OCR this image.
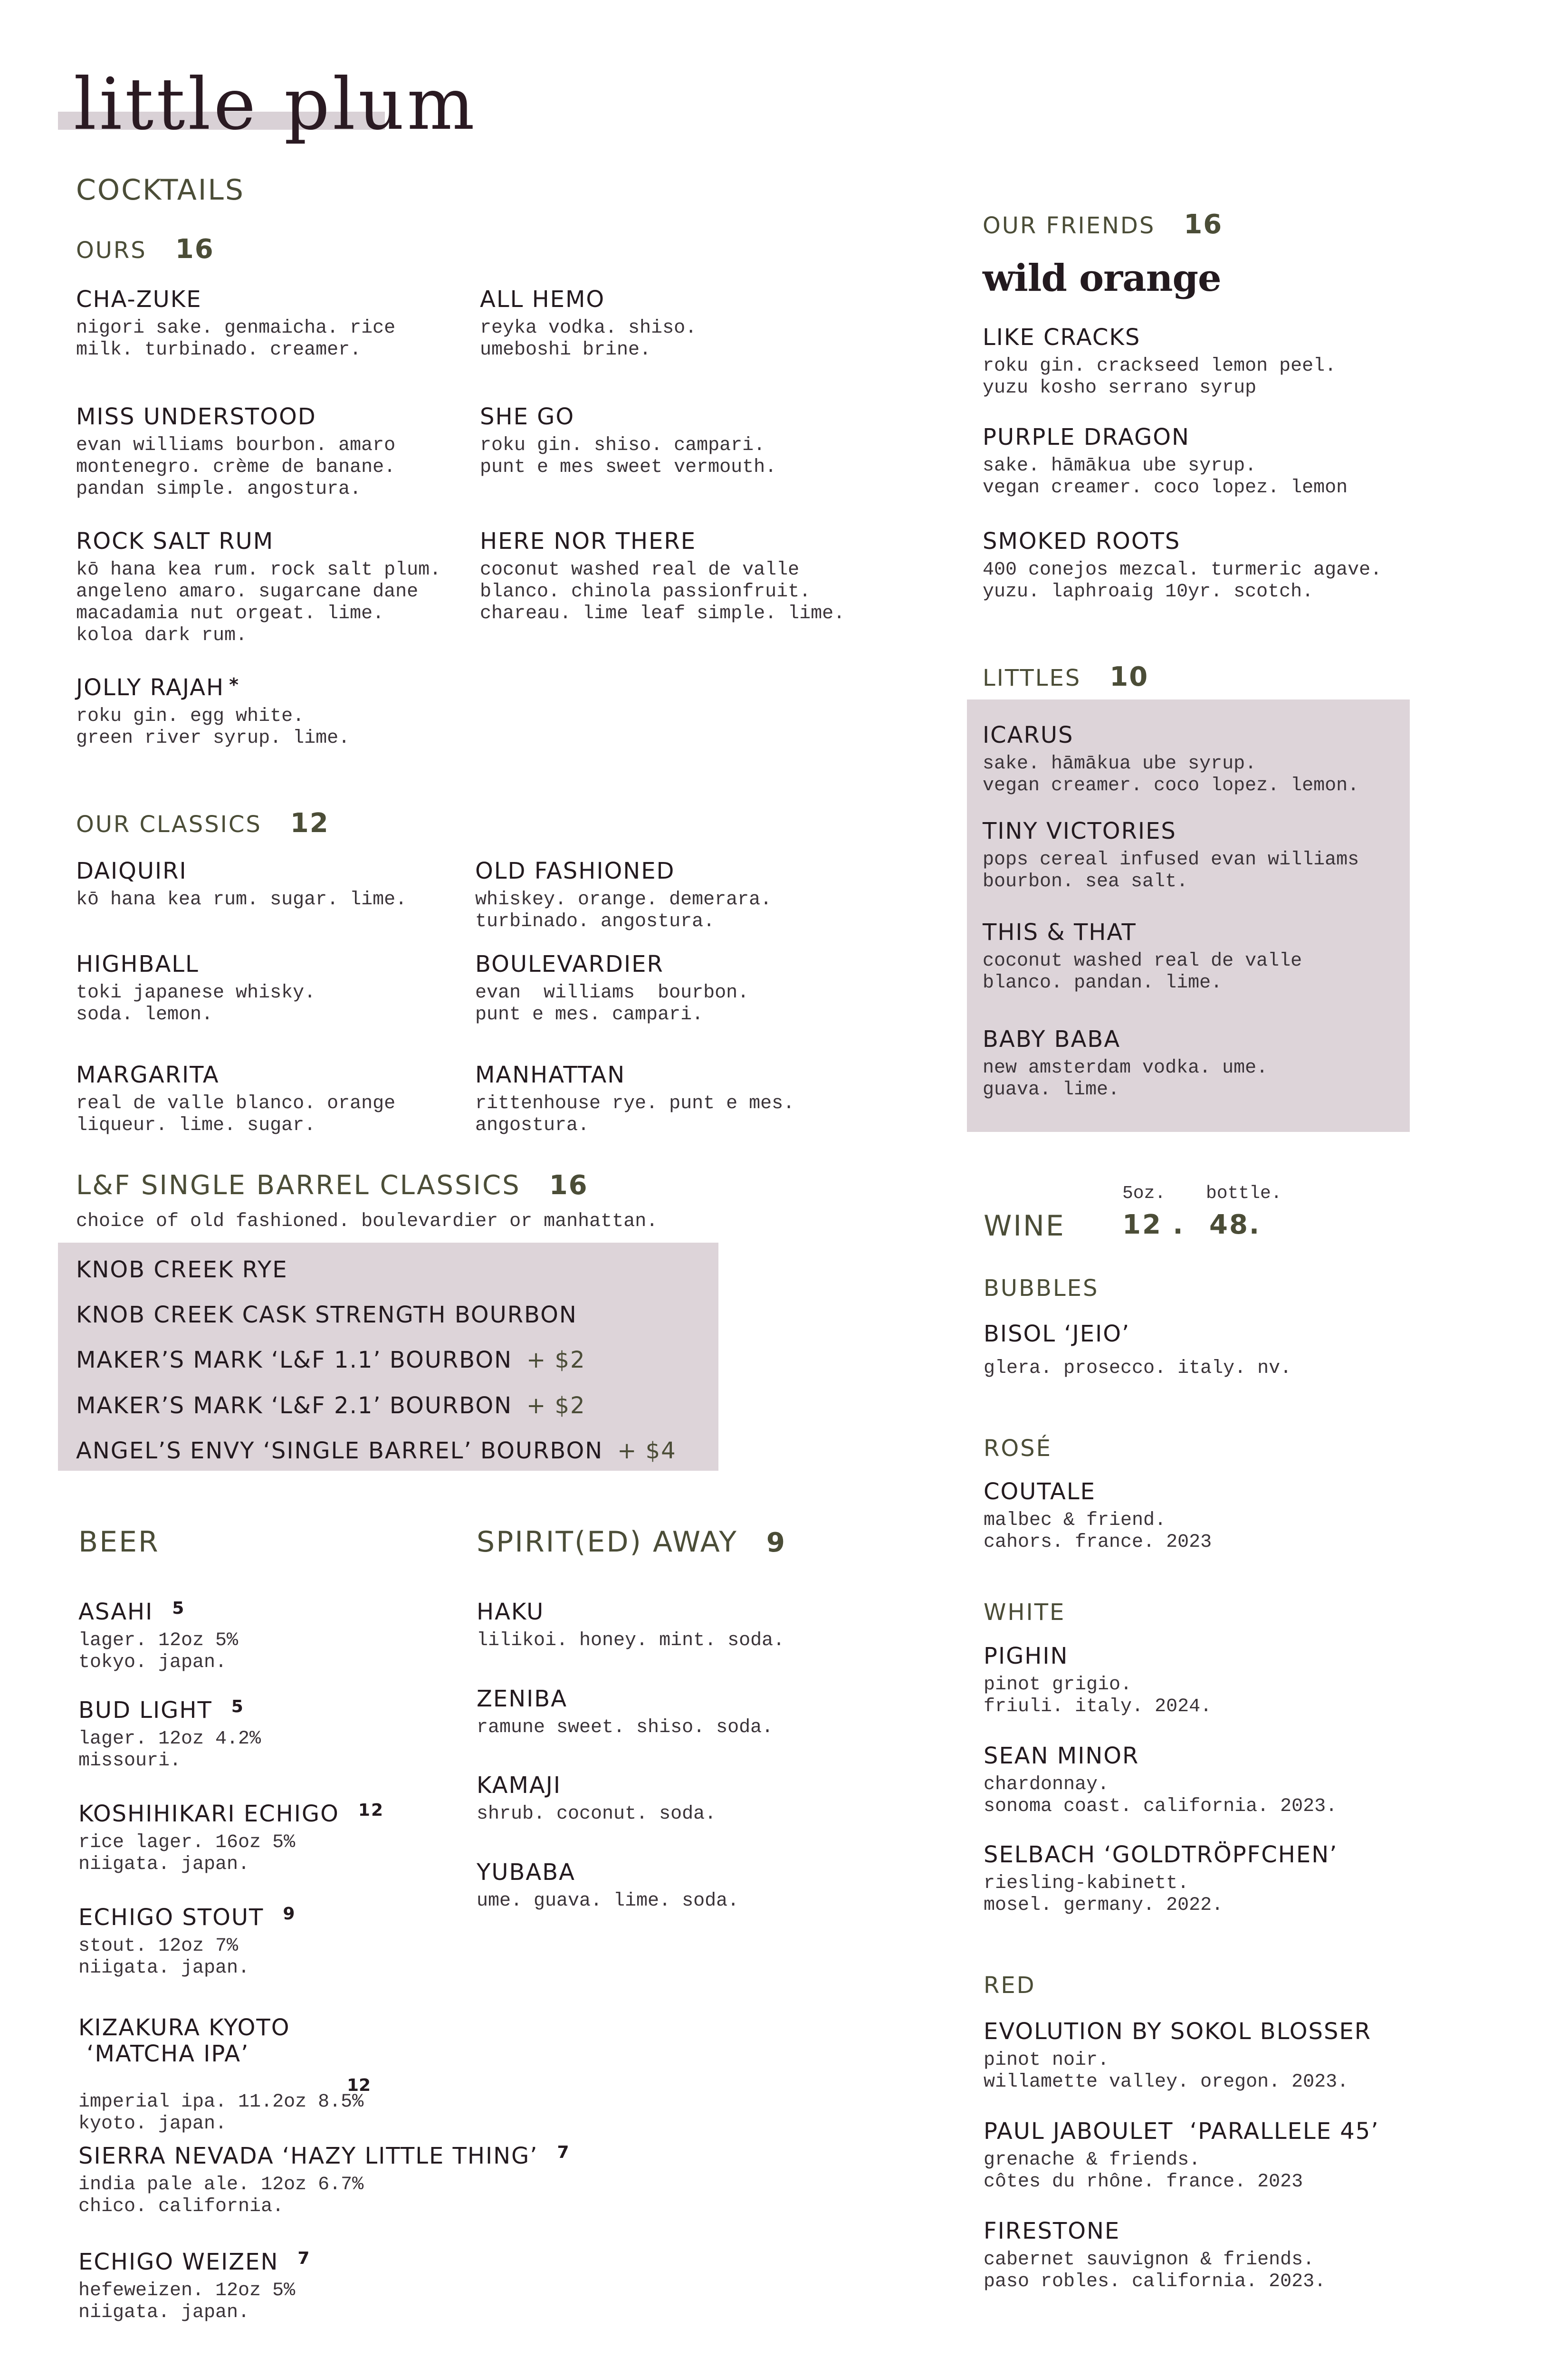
little plum
COCKTAILS
OURS 16
CHA-ZUKE
nigori sake. genmaicha. rice
milk. turbinado. creamer.
ALL HEMO
reyka vodka. shiso.
umeboshi brine.
MISS UNDERSTOOD
evan williams bourbon. amaro
montenegro. crème de banane.
pandan simple. angostura.
SHE GO
roku gin. shiso. campari.
punt e mes sweet vermouth.
ROCK SALT RUM
kō hana kea rum. rock salt plum.
angeleno amaro. sugarcane dane
macadamia nut orgeat. lime.
koloa dark rum.
HERE NOR THERE
coconut washed real de valle
blanco. chinola passionfruit.
chareau. lime leaf simple. lime.
JOLLY RAJAH *
roku gin. egg white.
green river syrup. lime.
OUR CLASSICS 12
DAIQUIRI
kō hana kea rum. sugar. lime.
OLD FASHIONED
whiskey. orange. demerara.
turbinado. angostura.
HIGHBALL
toki japanese whisky.
soda. lemon.
BOULEVARDIER
evan  williams  bourbon.
punt e mes. campari.
MARGARITA
real de valle blanco. orange
liqueur. lime. sugar.
MANHATTAN
rittenhouse rye. punt e mes.
angostura.
L&F SINGLE BARREL CLASSICS 16
choice of old fashioned. boulevardier or manhattan.
KNOB CREEK RYE
KNOB CREEK CASK STRENGTH BOURBON
MAKER’S MARK ‘L&F 1.1’ BOURBON + $2
MAKER’S MARK ‘L&F 2.1’ BOURBON + $2
ANGEL’S ENVY ‘SINGLE BARREL’ BOURBON + $4
BEER
ASAHI $^5$
lager. 12oz 5%
tokyo. japan.
BUD LIGHT $^5$
lager. 12oz 4.2%
missouri.
KOSHIHIKARI ECHIGO $^{12}$
rice lager. 16oz 5%
niigata. japan.
ECHIGO STOUT $^9$
stout. 12oz 7%
niigata. japan.
KIZAKURA KYOTO
‘MATCHA IPA’
12
imperial ipa. 11.2oz 8.5%
kyoto. japan.
SIERRA NEVADA ‘HAZY LITTLE THING’ $^7$
india pale ale. 12oz 6.7%
chico. california.
ECHIGO WEIZEN $^7$
hefeweizen. 12oz 5%
niigata. japan.
SPIRIT(ED) AWAY 9
HAKU
lilikoi. honey. mint. soda.
ZENIBA
ramune sweet. shiso. soda.
KAMAJI
shrub. coconut. soda.
YUBABA
ume. guava. lime. soda.
OUR FRIENDS 16
wild orange
LIKE CRACKS
roku gin. crackseed lemon peel.
yuzu kosho serrano syrup
PURPLE DRAGON
sake. hāmākua ube syrup.
vegan creamer. coco lopez. lemon
SMOKED ROOTS
400 conejos mezcal. turmeric agave.
yuzu. laphroaig 10yr. scotch.
LITTLES 10
ICARUS
sake. hāmākua ube syrup.
vegan creamer. coco lopez. lemon.
TINY VICTORIES
pops cereal infused evan williams
bourbon. sea salt.
THIS & THAT
coconut washed real de valle
blanco. pandan. lime.
BABY BABA
new amsterdam vodka. ume.
guava. lime.
5oz. bottle.
WINE 12 . 48.
BUBBLES
BISOL ‘JEIO’
glera. prosecco. italy. nv.
ROSÉ
COUTALE
malbec & friend.
cahors. france. 2023
WHITE
PIGHIN
pinot grigio.
friuli. italy. 2024.
SEAN MINOR
chardonnay.
sonoma coast. california. 2023.
SELBACH ‘GOLDTRÖPFCHEN’
riesling-kabinett.
mosel. germany. 2022.
RED
EVOLUTION BY SOKOL BLOSSER
pinot noir.
willamette valley. oregon. 2023.
PAUL JABOULET  ‘PARALLELE 45’
grenache & friends.
côtes du rhône. france. 2023
FIRESTONE
cabernet sauvignon & friends.
paso robles. california. 2023.
